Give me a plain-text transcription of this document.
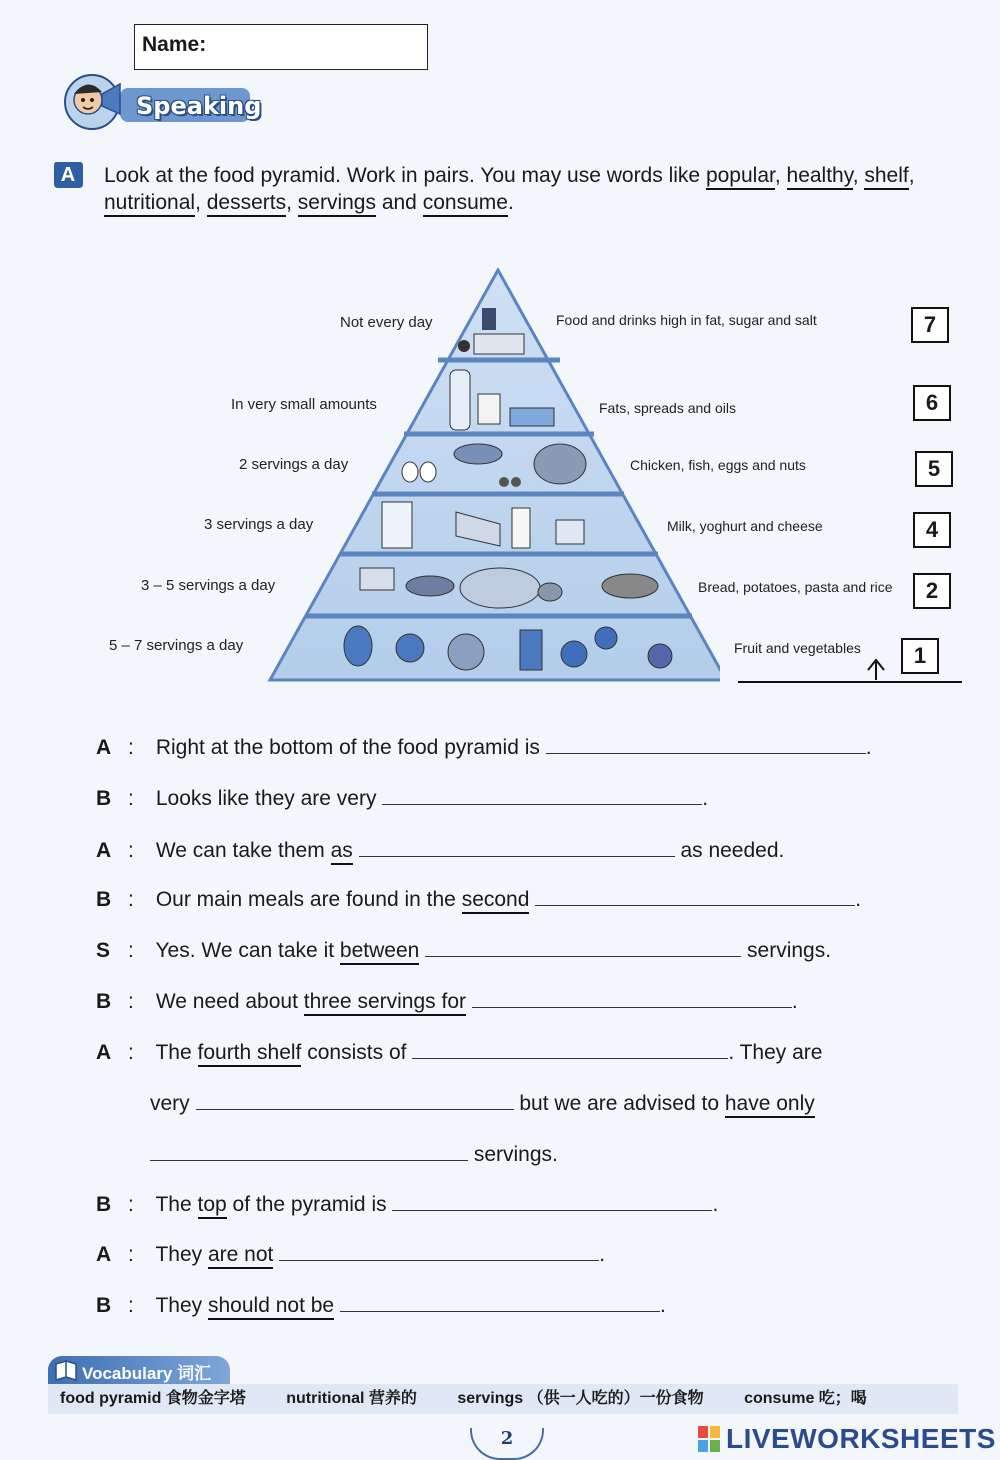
Name:
Speaking
A	Look at the food pyramid. Work in pairs. You may use words like popular, healthy, shelf, nutritional, desserts, servings and consume.
Not every day
In very small amounts
2 servings a day
3 servings a day
3 – 5 servings a day
5 – 7 servings a day
Food and drinks high in fat, sugar and salt
Fats, spreads and oils
Chicken, fish, eggs and nuts
Milk, yoghurt and cheese
Bread, potatoes, pasta and rice
Fruit and vegetables
7
6
5
4
2
1
A : Right at the bottom of the food pyramid is	.
B : Looks like they are very	.
A : We can take them as	as needed.
B : Our main meals are found in the second	.
S : Yes. We can take it between	servings.
B : We need about three servings for	.
A : The fourth shelf consists of	. They are
very	but we are advised to have only
servings.
B : The top of the pyramid is	.
A : They are not	.
B : They should not be	.
Vocabulary 词汇
food pyramid 食物金字塔	nutritional 营养的	servings （供一人吃的）一份食物	consume 吃；喝
2	LIVEWORKSHEETS
